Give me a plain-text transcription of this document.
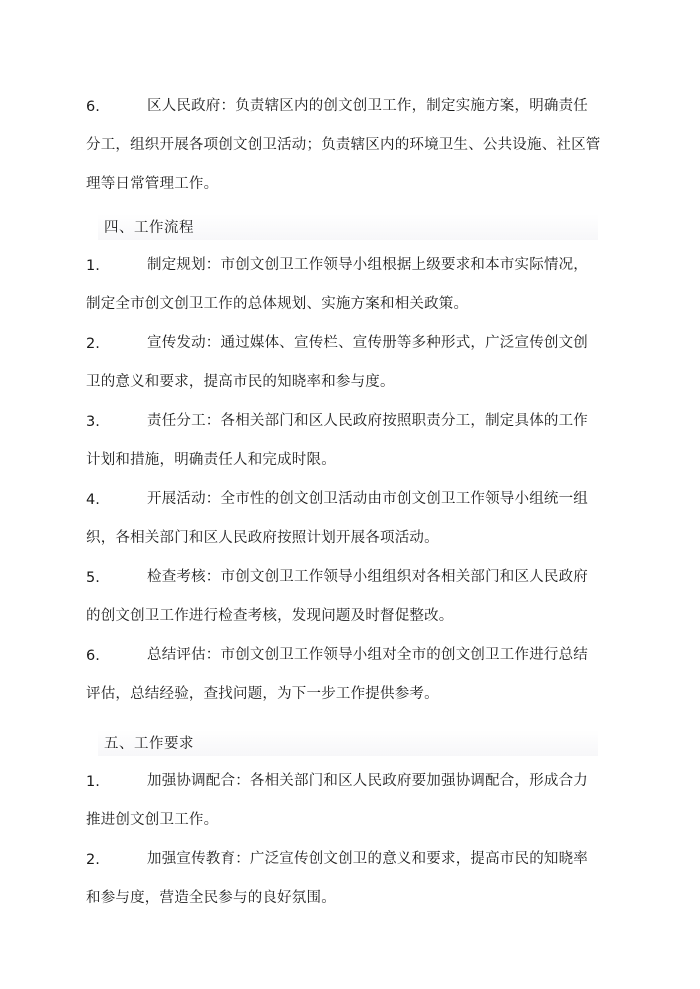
6.	区人民政府：负责辖区内的创文创卫工作，制定实施方案，明确责任分工，组织开展各项创文创卫活动；负责辖区内的环境卫生、公共设施、社区管理等日常管理工作。
四、工作流程
1.	制定规划：市创文创卫工作领导小组根据上级要求和本市实际情况，制定全市创文创卫工作的总体规划、实施方案和相关政策。
2.	宣传发动：通过媒体、宣传栏、宣传册等多种形式，广泛宣传创文创卫的意义和要求，提高市民的知晓率和参与度。
3.	责任分工：各相关部门和区人民政府按照职责分工，制定具体的工作计划和措施，明确责任人和完成时限。
4.	开展活动：全市性的创文创卫活动由市创文创卫工作领导小组统一组织，各相关部门和区人民政府按照计划开展各项活动。
5.	检查考核：市创文创卫工作领导小组组织对各相关部门和区人民政府的创文创卫工作进行检查考核，发现问题及时督促整改。
6.	总结评估：市创文创卫工作领导小组对全市的创文创卫工作进行总结评估，总结经验，查找问题，为下一步工作提供参考。
五、工作要求
1.	加强协调配合：各相关部门和区人民政府要加强协调配合，形成合力推进创文创卫工作。
2.	加强宣传教育：广泛宣传创文创卫的意义和要求，提高市民的知晓率和参与度，营造全民参与的良好氛围。
